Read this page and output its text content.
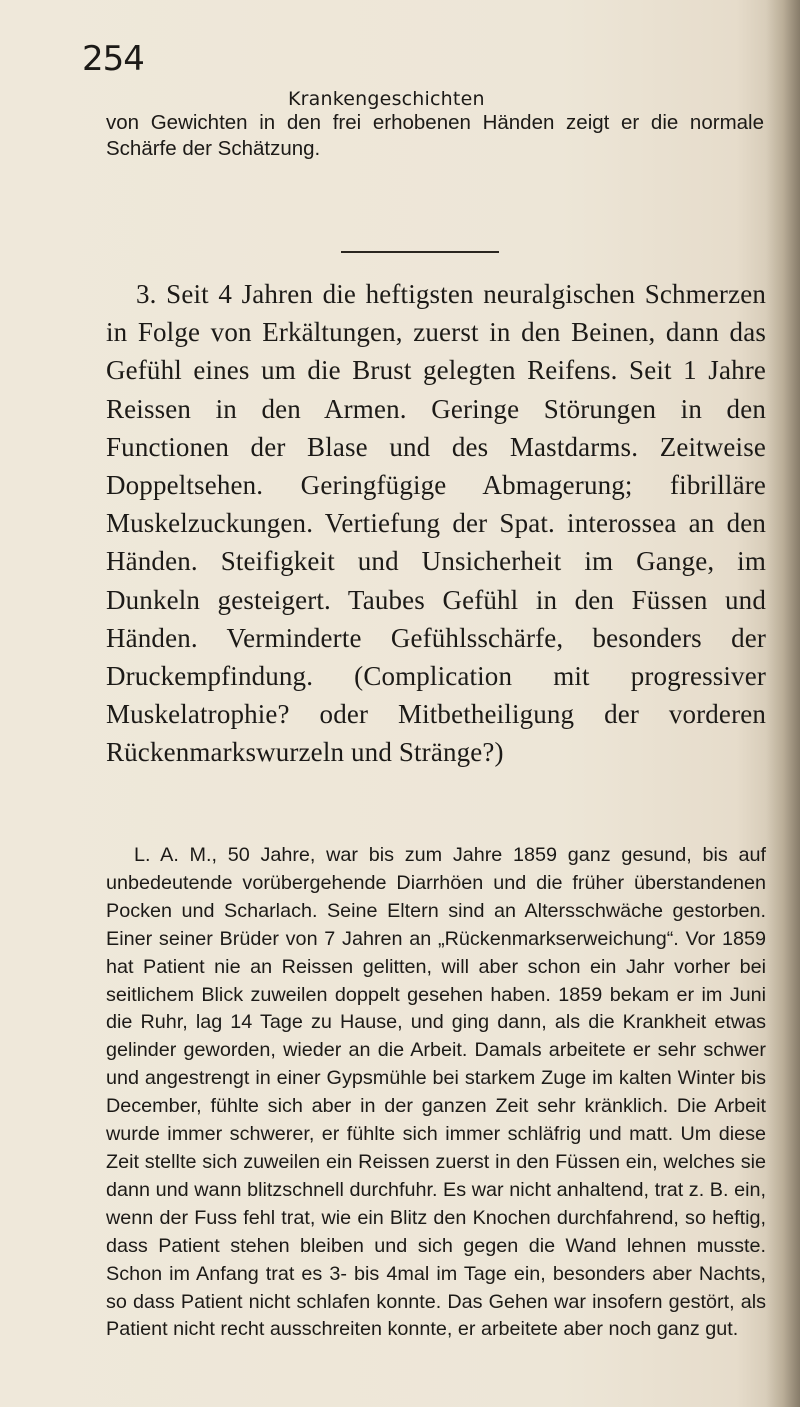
254
Krankengeschichten

von Gewichten in den frei erhobenen Händen zeigt er die normale Schärfe der Schätzung.

3. Seit 4 Jahren die heftigsten neuralgischen Schmerzen in Folge von Erkältungen, zuerst in den Beinen, dann das Gefühl eines um die Brust gelegten Reifens. Seit 1 Jahre Reissen in den Armen. Geringe Störungen in den Functionen der Blase und des Mastdarms. Zeitweise Doppeltsehen. Geringfügige Abmagerung; fibrilläre Muskelzuckungen. Vertiefung der Spat. interossea an den Händen. Steifigkeit und Unsicherheit im Gange, im Dunkeln gesteigert. Taubes Gefühl in den Füssen und Händen. Verminderte Gefühlsschärfe, besonders der Druckempfindung. (Complication mit progressiver Muskelatrophie? oder Mitbetheiligung der vorderen Rückenmarkswurzeln und Stränge?)

L. A. M., 50 Jahre, war bis zum Jahre 1859 ganz gesund, bis auf unbedeutende vorübergehende Diarrhöen und die früher überstandenen Pocken und Scharlach. Seine Eltern sind an Altersschwäche gestorben. Einer seiner Brüder von 7 Jahren an „Rückenmarkserweichung“. Vor 1859 hat Patient nie an Reissen gelitten, will aber schon ein Jahr vorher bei seitlichem Blick zuweilen doppelt gesehen haben. 1859 bekam er im Juni die Ruhr, lag 14 Tage zu Hause, und ging dann, als die Krankheit etwas gelinder geworden, wieder an die Arbeit. Damals arbeitete er sehr schwer und angestrengt in einer Gypsmühle bei starkem Zuge im kalten Winter bis December, fühlte sich aber in der ganzen Zeit sehr kränklich. Die Arbeit wurde immer schwerer, er fühlte sich immer schläfrig und matt. Um diese Zeit stellte sich zuweilen ein Reissen zuerst in den Füssen ein, welches sie dann und wann blitzschnell durchfuhr. Es war nicht anhaltend, trat z. B. ein, wenn der Fuss fehl trat, wie ein Blitz den Knochen durchfahrend, so heftig, dass Patient stehen bleiben und sich gegen die Wand lehnen musste. Schon im Anfang trat es 3- bis 4mal im Tage ein, besonders aber Nachts, so dass Patient nicht schlafen konnte. Das Gehen war insofern gestört, als Patient nicht recht ausschreiten konnte, er arbeitete aber noch ganz gut.
